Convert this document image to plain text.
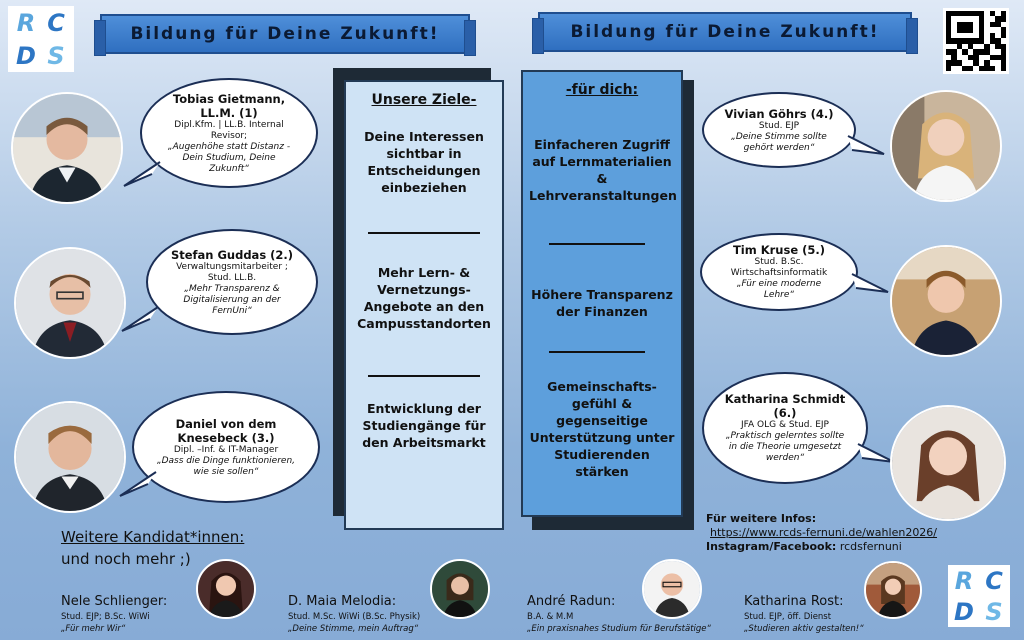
R C
D S
R C
D S
Bildung für Deine Zukunft!	Bildung für Deine Zukunft!
Tobias Gietmann, LL.M. (1)
Dipl.Kfm. | LL.B. Internal Revisor;
„Augenhöhe statt Distanz - Dein Studium, Deine Zukunft“
Stefan Guddas (2.)
Verwaltungsmitarbeiter ; Stud. LL.B.
„Mehr Transparenz & Digitalisierung an der FernUni“
Daniel von dem Knesebeck (3.)
Dipl. –Inf. & IT-Manager
„Dass die Dinge funktionieren, wie sie sollen“
Unsere Ziele-
Deine Interessen sichtbar in Entscheidungen einbeziehen
Mehr Lern- & Vernetzungs-Angebote an den Campusstandorten
Entwicklung der Studiengänge für den Arbeitsmarkt
-für dich:
Einfacheren Zugriff auf Lernmaterialien & Lehrveranstaltungen
Höhere Transparenz der Finanzen
Gemeinschafts-gefühl & gegenseitige Unterstützung unter Studierenden stärken
Vivian Göhrs (4.)
Stud. EJP
„Deine Stimme sollte gehört werden“
Tim Kruse (5.)
Stud. B.Sc. Wirtschaftsinformatik
„Für eine moderne Lehre“
Katharina Schmidt (6.)
JFA OLG & Stud. EJP
„Praktisch gelerntes sollte in die Theorie umgesetzt werden“
Weitere Kandidat*innen:
und noch mehr ;)
Für weitere Infos:
https://www.rcds-fernuni.de/wahlen2026/
Instagram/Facebook: rcdsfernuni
Nele Schlienger:
Stud. EJP; B.Sc. WiWi
„Für mehr Wir“
D. Maia Melodia:
Stud. M.Sc. WiWi (B.Sc. Physik)
„Deine Stimme, mein Auftrag“
André Radun:
B.A. & M.M
„Ein praxisnahes Studium für Berufstätige“
Katharina Rost:
Stud. EJP, öff. Dienst
„Studieren aktiv gestalten!“
